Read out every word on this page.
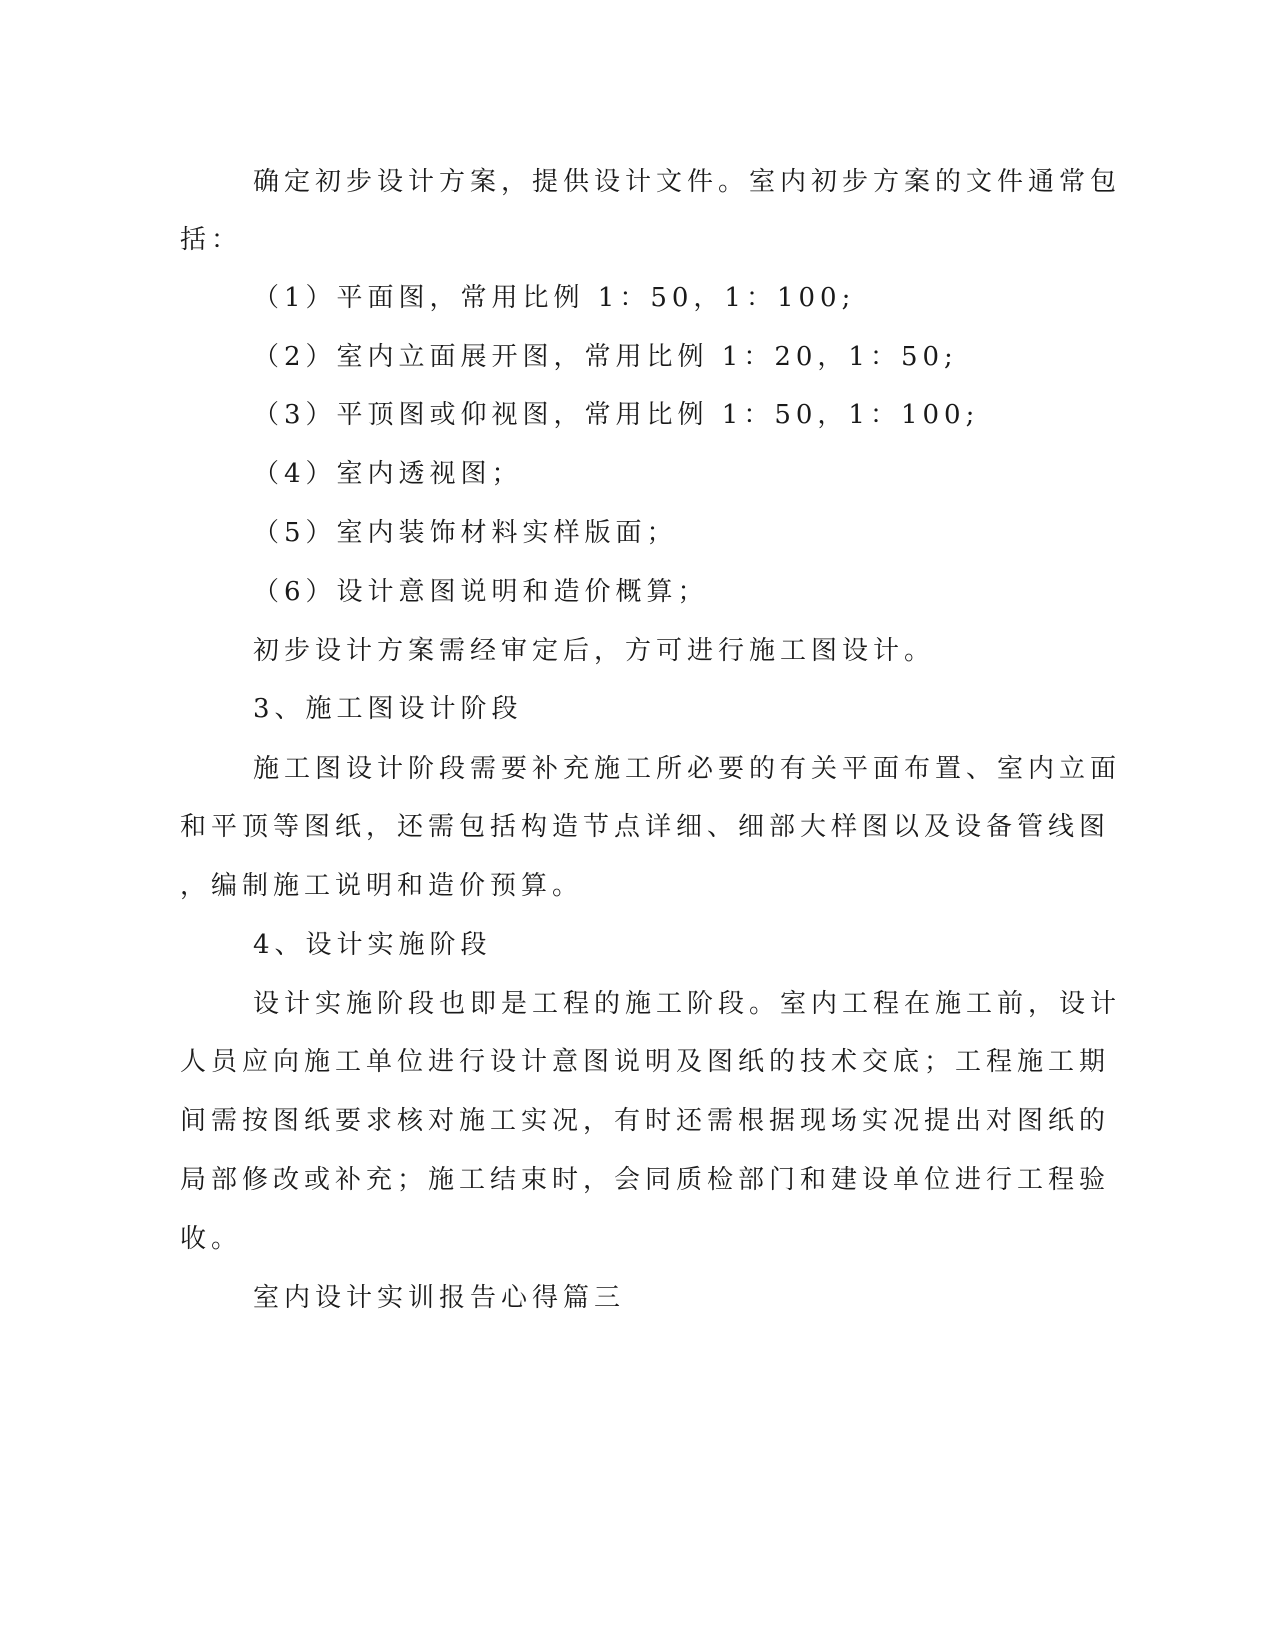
确定初步设计方案，提供设计文件。室内初步方案的文件通常包

括：

（1）平面图，常用比例 1：50，1：100;

（2）室内立面展开图，常用比例 1：20，1：50;

（3）平顶图或仰视图，常用比例 1：50，1：100;

（4）室内透视图；

（5）室内装饰材料实样版面；

（6）设计意图说明和造价概算；

初步设计方案需经审定后，方可进行施工图设计。

3、施工图设计阶段

施工图设计阶段需要补充施工所必要的有关平面布置、室内立面

和平顶等图纸，还需包括构造节点详细、细部大样图以及设备管线图

，编制施工说明和造价预算。

4、设计实施阶段

设计实施阶段也即是工程的施工阶段。室内工程在施工前，设计

人员应向施工单位进行设计意图说明及图纸的技术交底；工程施工期

间需按图纸要求核对施工实况，有时还需根据现场实况提出对图纸的

局部修改或补充；施工结束时，会同质检部门和建设单位进行工程验

收。

室内设计实训报告心得篇三
